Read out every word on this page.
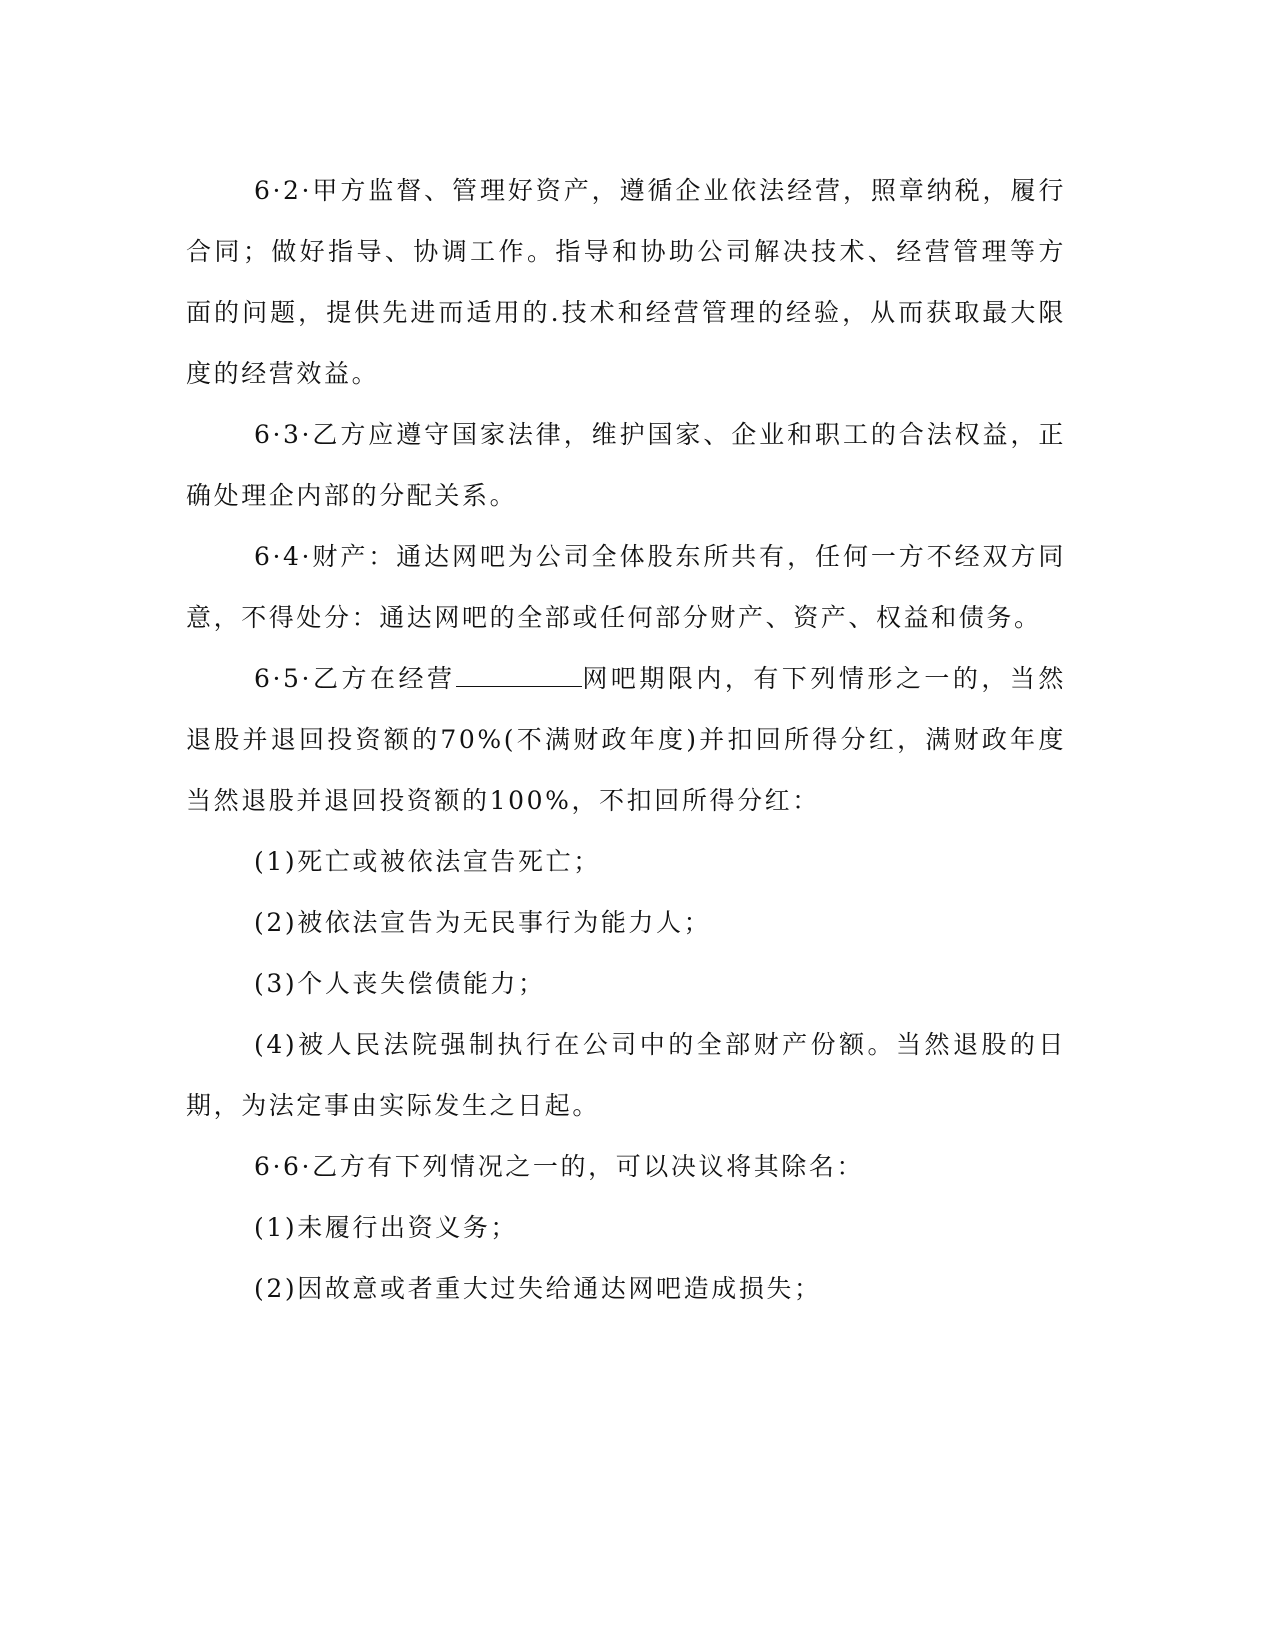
6·2·甲方监督、管理好资产，遵循企业依法经营，照章纳税，履行合同；做好指导、协调工作。指导和协助公司解决技术、经营管理等方面的问题，提供先进而适用的.技术和经营管理的经验，从而获取最大限度的经营效益。

6·3·乙方应遵守国家法律，维护国家、企业和职工的合法权益，正确处理企内部的分配关系。

6·4·财产：通达网吧为公司全体股东所共有，任何一方不经双方同意，不得处分：通达网吧的全部或任何部分财产、资产、权益和债务。

6·5·乙方在经营	网吧期限内，有下列情形之一的，当然退股并退回投资额的70%(不满财政年度)并扣回所得分红，满财政年度当然退股并退回投资额的100%，不扣回所得分红：

(1)死亡或被依法宣告死亡；

(2)被依法宣告为无民事行为能力人；

(3)个人丧失偿债能力；

(4)被人民法院强制执行在公司中的全部财产份额。当然退股的日期，为法定事由实际发生之日起。

6·6·乙方有下列情况之一的，可以决议将其除名：

(1)未履行出资义务；

(2)因故意或者重大过失给通达网吧造成损失；
